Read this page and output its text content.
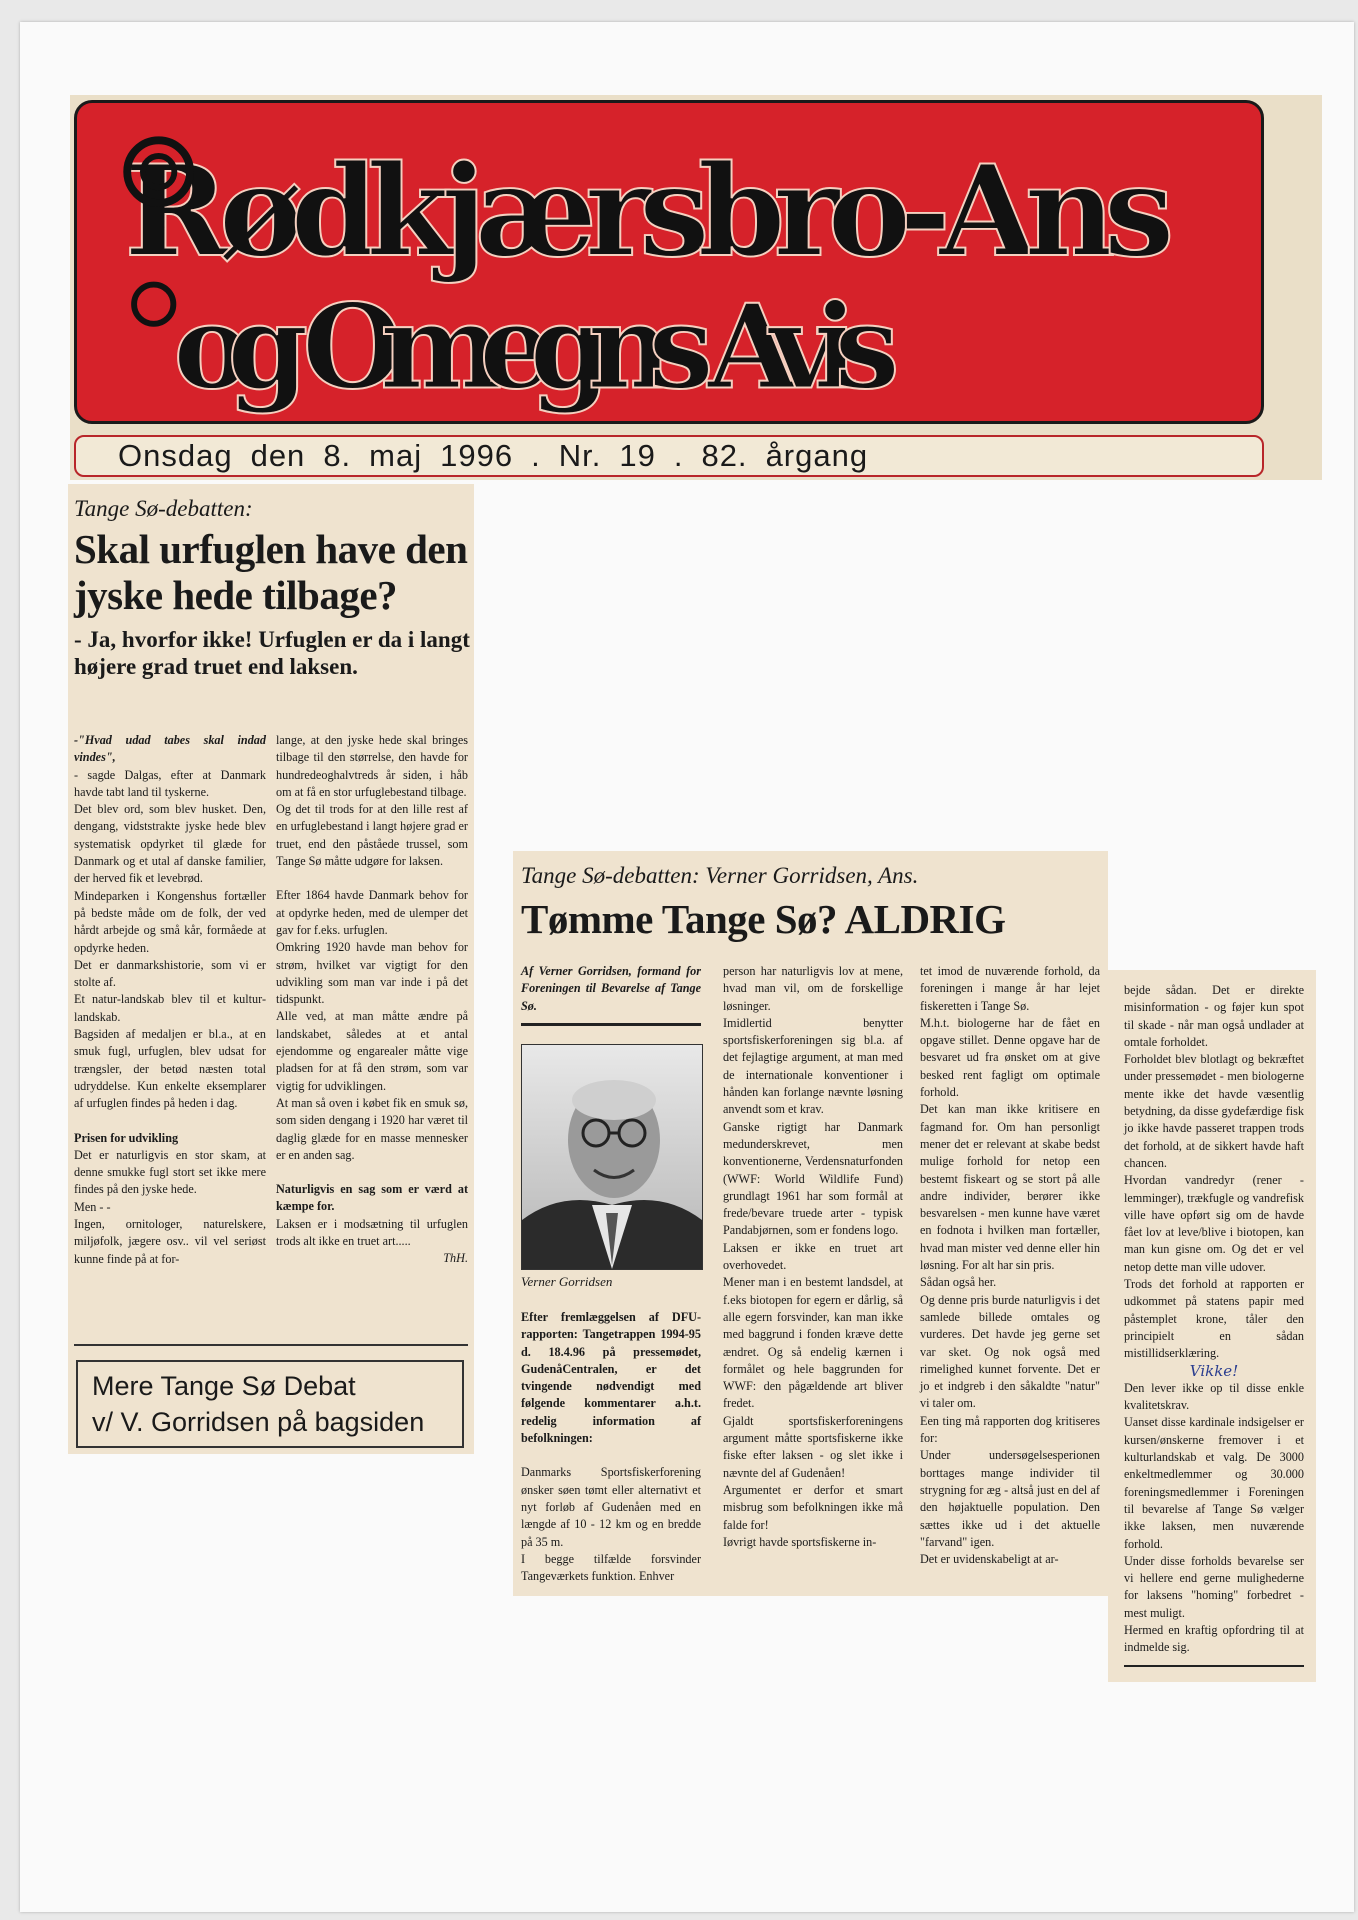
Rødkjærsbro-Ans
og Omegns Avis
Onsdag den 8. maj 1996 . Nr. 19 . 82. årgang
Tange Sø-debatten:
Skal urfuglen have den jyske hede tilbage?
- Ja, hvorfor ikke! Urfuglen er da i langt højere grad truet end laksen.

-"Hvad udad tabes skal indad vindes",

- sagde Dalgas, efter at Danmark havde tabt land til tyskerne.

Det blev ord, som blev husket. Den, dengang, vidststrakte jyske hede blev systematisk opdyrket til glæde for Danmark og et utal af danske familier, der herved fik et levebrød.

Mindeparken i Kongenshus fortæller på bedste måde om de folk, der ved hårdt arbejde og små kår, formåede at opdyrke heden.

Det er danmarkshistorie, som vi er stolte af.

Et natur-landskab blev til et kultur-landskab.

Bagsiden af medaljen er bl.a., at en smuk fugl, urfuglen, blev udsat for trængsler, der betød næsten total udryddelse. Kun enkelte eksemplarer af urfuglen findes på heden i dag.

Prisen for udvikling

Det er naturligvis en stor skam, at denne smukke fugl stort set ikke mere findes på den jyske hede.

Men - -

Ingen, ornitologer, naturelskere, miljøfolk, jægere osv.. vil vel seriøst kunne finde på at for-

lange, at den jyske hede skal bringes tilbage til den størrelse, den havde for hundredeoghalvtreds år siden, i håb om at få en stor urfuglebestand tilbage.

Og det til trods for at den lille rest af en urfuglebestand i langt højere grad er truet, end den påståede trussel, som Tange Sø måtte udgøre for laksen.

Efter 1864 havde Danmark behov for at opdyrke heden, med de ulemper det gav for f.eks. urfuglen.

Omkring 1920 havde man behov for strøm, hvilket var vigtigt for den udvikling som man var inde i på det tidspunkt.

Alle ved, at man måtte ændre på landskabet, således at et antal ejendomme og engarealer måtte vige pladsen for at få den strøm, som var vigtig for udviklingen.

At man så oven i købet fik en smuk sø, som siden dengang i 1920 har været til daglig glæde for en masse mennesker er en anden sag.

Naturligvis en sag som er værd at kæmpe for.

Laksen er i modsætning til urfuglen trods alt ikke en truet art.....

ThH.

Mere Tange Sø Debat
v/ V. Gorridsen på bagsiden
Tange Sø-debatten: Verner Gorridsen, Ans.
Tømme Tange Sø? ALDRIG

Af Verner Gorridsen, formand for Foreningen til Bevarelse af Tange Sø.

Verner Gorridsen

Efter fremlæggelsen af DFU-rapporten: Tangetrappen 1994-95 d. 18.4.96 på pressemødet, GudenåCentralen, er det tvingende nødvendigt med følgende kommentarer a.h.t. redelig information af befolkningen:

Danmarks Sportsfiskerforening ønsker søen tømt eller alternativt et nyt forløb af Gudenåen med en længde af 10 - 12 km og en bredde på 35 m.

I begge tilfælde forsvinder Tangeværkets funktion. Enhver

person har naturligvis lov at mene, hvad man vil, om de forskellige løsninger.

Imidlertid benytter sportsfiskerforeningen sig bl.a. af det fejlagtige argument, at man med de internationale konventioner i hånden kan forlange nævnte løsning anvendt som et krav.

Ganske rigtigt har Danmark medunderskrevet, men konventionerne, Verdensnaturfonden (WWF: World Wildlife Fund) grundlagt 1961 har som formål at frede/bevare truede arter - typisk Pandabjørnen, som er fondens logo.

Laksen er ikke en truet art overhovedet.

Mener man i en bestemt landsdel, at f.eks biotopen for egern er dårlig, så alle egern forsvinder, kan man ikke med baggrund i fonden kræve dette ændret. Og så endelig kærnen i formålet og hele baggrunden for WWF: den pågældende art bliver fredet.

Gjaldt sportsfiskerforeningens argument måtte sportsfiskerne ikke fiske efter laksen - og slet ikke i nævnte del af Gudenåen!

Argumentet er derfor et smart misbrug som befolkningen ikke må falde for!

Iøvrigt havde sportsfiskerne in-

tet imod de nuværende forhold, da foreningen i mange år har lejet fiskeretten i Tange Sø.

M.h.t. biologerne har de fået en opgave stillet. Denne opgave har de besvaret ud fra ønsket om at give besked rent fagligt om optimale forhold.

Det kan man ikke kritisere en fagmand for. Om han personligt mener det er relevant at skabe bedst mulige forhold for netop een bestemt fiskeart og se stort på alle andre individer, berører ikke besvarelsen - men kunne have været en fodnota i hvilken man fortæller, hvad man mister ved denne eller hin løsning. For alt har sin pris.

Sådan også her.

Og denne pris burde naturligvis i det samlede billede omtales og vurderes. Det havde jeg gerne set var sket. Og nok også med rimelighed kunnet forvente. Det er jo et indgreb i den såkaldte "natur" vi taler om.

Een ting må rapporten dog kritiseres for:

Under undersøgelsesperionen borttages mange individer til strygning for æg - altså just en del af den højaktuelle population. Den sættes ikke ud i det aktuelle "farvand" igen.

Det er uvidenskabeligt at ar-

bejde sådan. Det er direkte misinformation - og føjer kun spot til skade - når man også undlader at omtale forholdet.

Forholdet blev blotlagt og bekræftet under pressemødet - men biologerne mente ikke det havde væsentlig betydning, da disse gydefærdige fisk jo ikke havde passeret trappen trods det forhold, at de sikkert havde haft chancen.

Hvordan vandredyr (rener - lemminger), trækfugle og vandrefisk ville have opført sig om de havde fået lov at leve/blive i biotopen, kan man kun gisne om. Og det er vel netop dette man ville udover.

Trods det forhold at rapporten er udkommet på statens papir med påstemplet krone, tåler den principielt en sådan mistillidserklæring.

Vikke!

Den lever ikke op til disse enkle kvalitetskrav.

Uanset disse kardinale indsigelser er kursen/ønskerne fremover i et kulturlandskab et valg. De 3000 enkeltmedlemmer og 30.000 foreningsmedlemmer i Foreningen til bevarelse af Tange Sø vælger ikke laksen, men nuværende forhold.

Under disse forholds bevarelse ser vi hellere end gerne mulighederne for laksens "homing" forbedret - mest muligt.

Hermed en kraftig opfordring til at indmelde sig.
